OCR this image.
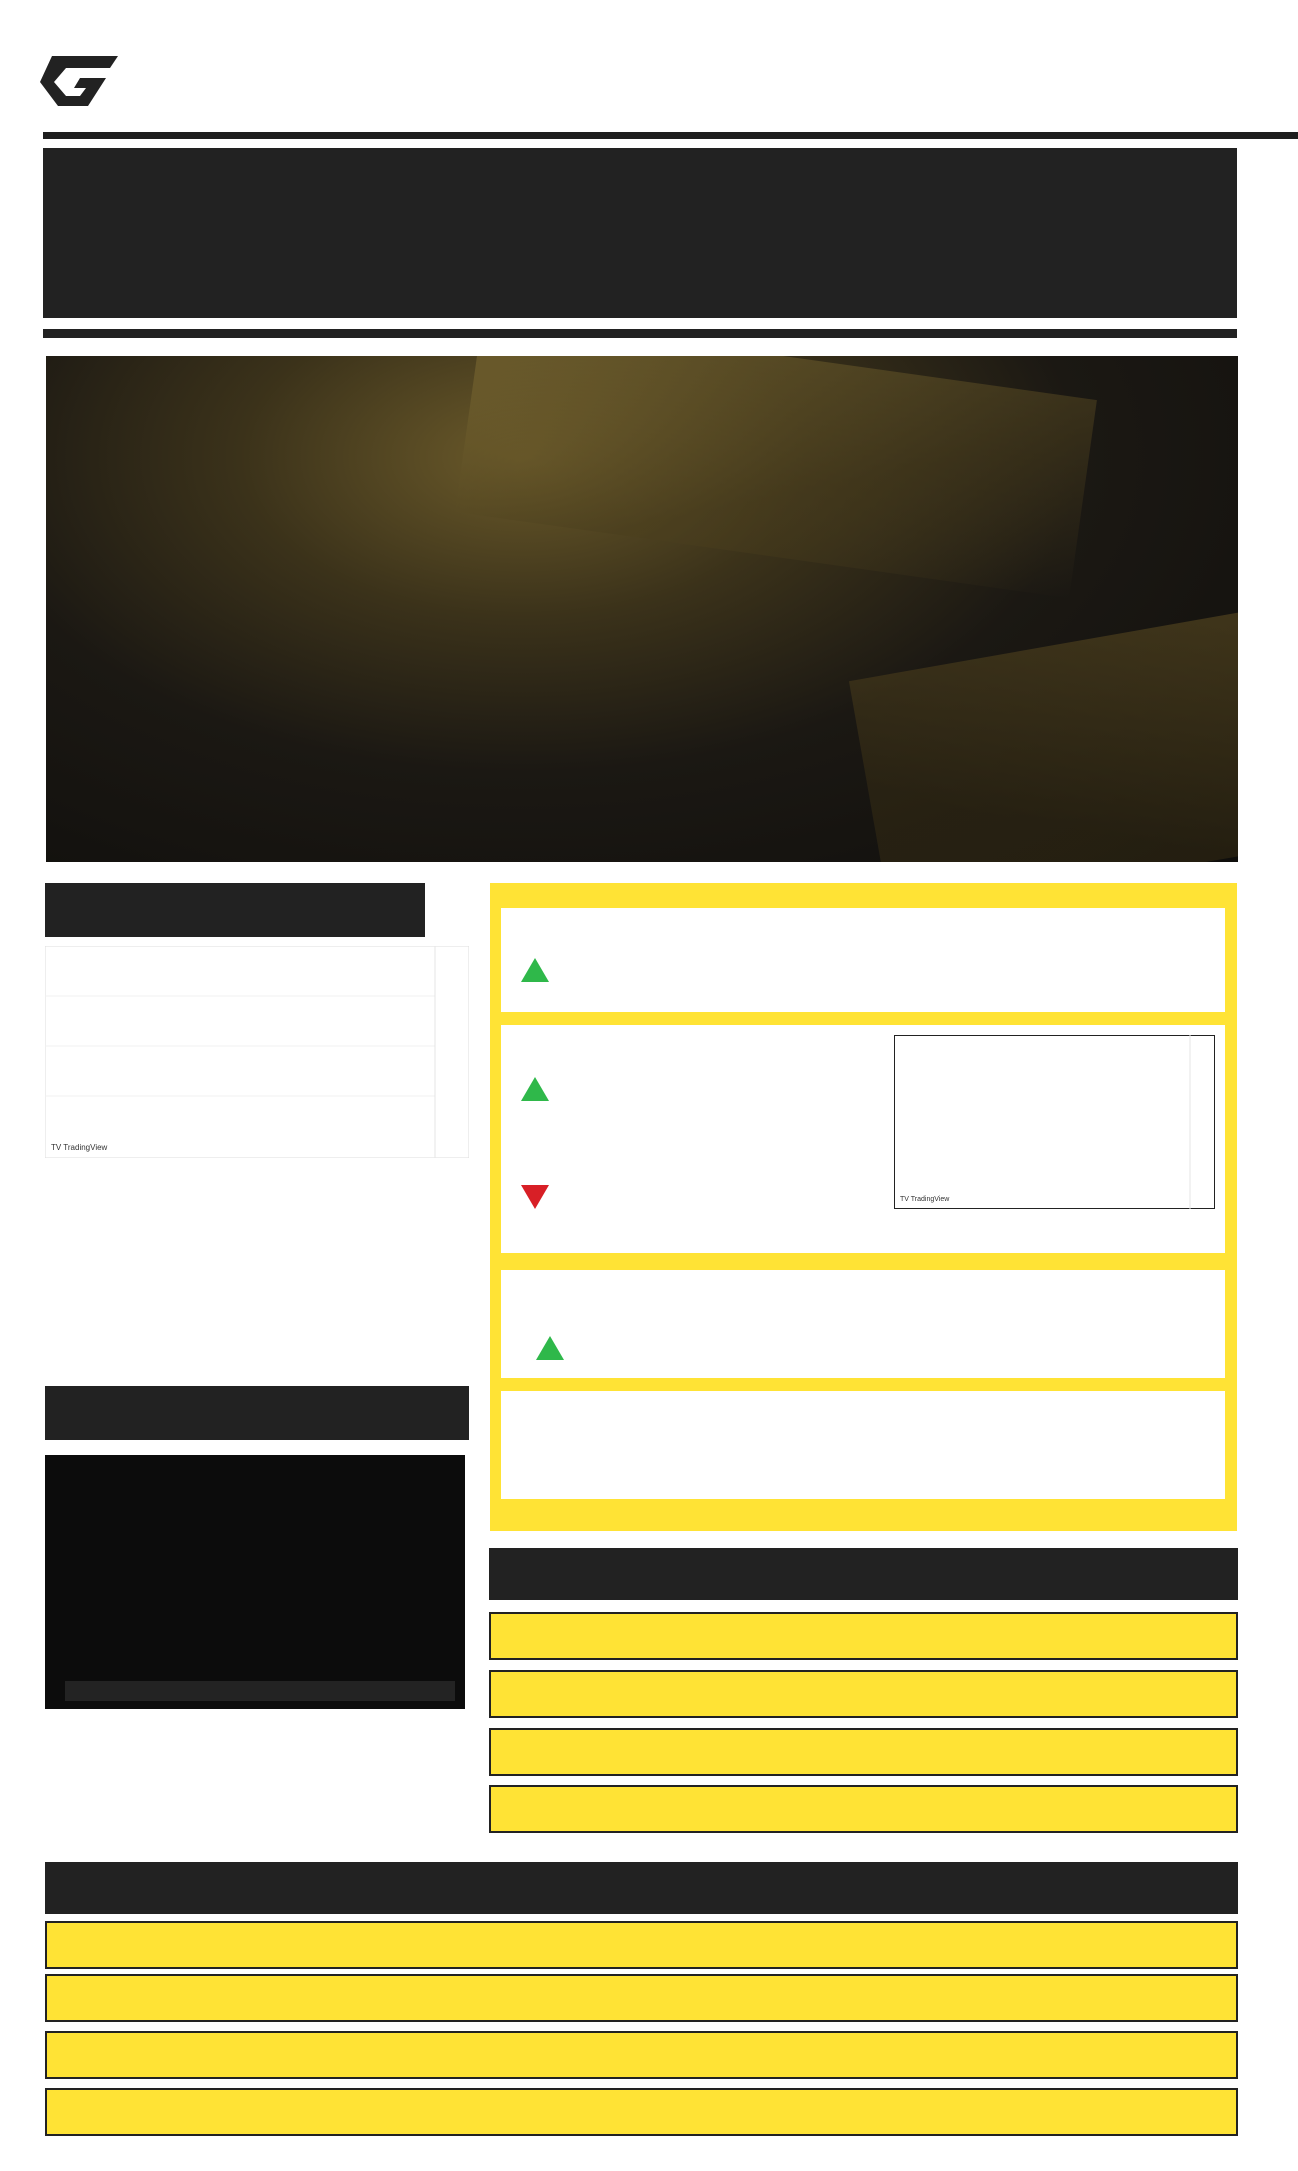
TV TradingView
TV TradingView
